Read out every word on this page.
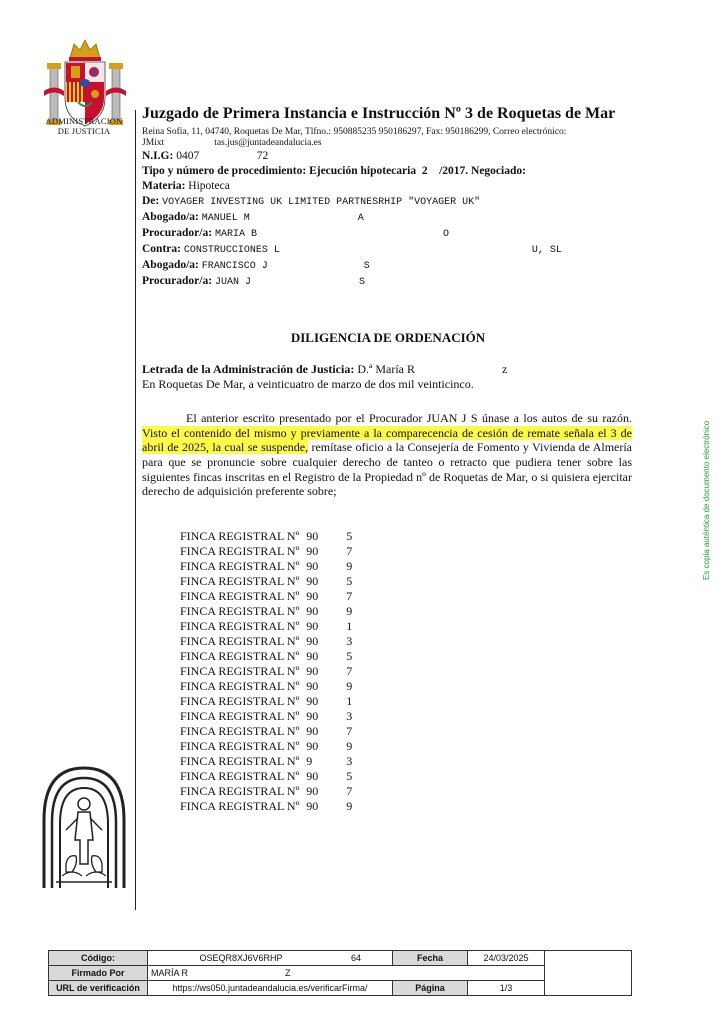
ADMINISTRACION
DE JUSTICIA
Juzgado de Primera Instancia e Instrucción Nº 3 de Roquetas de Mar
Reina Sofía, 11, 04740, Roquetas De Mar, Tlfno.: 950885235 950186297, Fax: 950186299, Correo electrónico:
JMixt	tas.jus@juntadeandalucia.es
N.I.G: 0407                    72
Tipo y número de procedimiento: Ejecución hipotecaria  2    /2017. Negociado:
Materia: Hipoteca
De: VOYAGER INVESTING UK LIMITED PARTNESRHIP "VOYAGER UK"
Abogado/a: MANUEL M                  A
Procurador/a: MARIA B                               O
Contra: CONSTRUCCIONES L                                          U, SL
Abogado/a: FRANCISCO J                S
Procurador/a: JUAN J                  S
DILIGENCIA DE ORDENACIÓN

Letrada de la Administración de Justicia: D.ª María R                             z

En Roquetas De Mar, a veinticuatro de marzo de dos mil veinticinco.

El anterior escrito presentado por el Procurador JUAN J S únase a los autos de su razón. Visto el contenido del mismo y previamente a la comparecencia de cesión de remate señala el 3 de abril de 2025, la cual se suspende, remítase oficio a la Consejería de Fomento y Vivienda de Almería para que se pronuncie sobre cualquier derecho de tanteo o retracto que pudiera tener sobre las siguientes fincas inscritas en el Registro de la Propiedad nº de Roquetas de Mar, o si quisiera ejercitar derecho de adquisición preferente sobre;

FINCA REGISTRAL Nº 90 5
FINCA REGISTRAL Nº 90 7
FINCA REGISTRAL Nº 90 9
FINCA REGISTRAL Nº 90 5
FINCA REGISTRAL Nº 90 7
FINCA REGISTRAL Nº 90 9
FINCA REGISTRAL Nº 90 1
FINCA REGISTRAL Nº 90 3
FINCA REGISTRAL Nº 90 5
FINCA REGISTRAL Nº 90 7
FINCA REGISTRAL Nº 90 9
FINCA REGISTRAL Nº 90 1
FINCA REGISTRAL Nº 90 3
FINCA REGISTRAL Nº 90 7
FINCA REGISTRAL Nº 90 9
FINCA REGISTRAL Nº 9	3
FINCA REGISTRAL Nº 90 5
FINCA REGISTRAL Nº 90 7
FINCA REGISTRAL Nº 90 9
Es copia auténtica de documento electrónico
Código:	OSEQR8XJ6V6RHP 64	Fecha	24/03/2025	
Firmado Por	MARÍA R Z			
URL de verificación	https://ws050.juntadeandalucia.es/verificarFirma/	Página	1/3	
